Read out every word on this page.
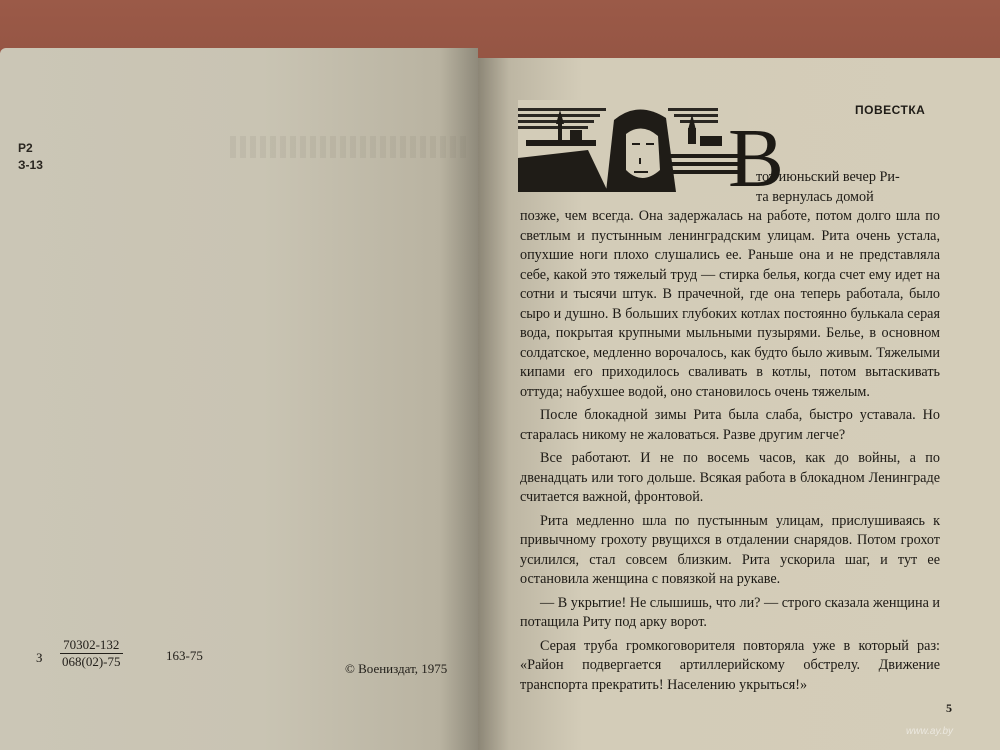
Р2
З-13
З $\frac{70302-132}{068(02)-75}$	163-75
© Воениздат, 1975
В
ПОВЕСТКА

тот июньский вечер Ри-

та вернулась домой

позже, чем всегда. Она задержалась на работе, потом долго шла по светлым и пустынным ленинградским улицам. Рита очень устала, опухшие ноги плохо слушались ее. Раньше она и не представляла себе, какой это тяжелый труд — стирка белья, когда счет ему идет на сотни и тысячи штук. В прачечной, где она теперь работала, было сыро и душно. В больших глубоких котлах постоянно булькала серая вода, покрытая крупными мыльными пузырями. Белье, в основном солдатское, медленно ворочалось, как будто было живым. Тяжелыми кипами его приходилось сваливать в котлы, потом вытаскивать оттуда; набухшее водой, оно становилось очень тяжелым.

После блокадной зимы Рита была слаба, быстро уставала. Но старалась никому не жаловаться. Разве другим легче?

Все работают. И не по восемь часов, как до войны, а по двенадцать или того дольше. Всякая работа в блокадном Ленинграде считается важной, фронтовой.

Рита медленно шла по пустынным улицам, прислушиваясь к привычному грохоту рвущихся в отдалении снарядов. Потом грохот усилился, стал совсем близким. Рита ускорила шаг, и тут ее остановила женщина с повязкой на рукаве.

— В укрытие! Не слышишь, что ли? — строго сказала женщина и потащила Риту под арку ворот.

Серая труба громкоговорителя повторяла уже в который раз: «Район подвергается артиллерийскому обстрелу. Движение транспорта прекратить! Населению укрыться!»

5
www.ay.by
